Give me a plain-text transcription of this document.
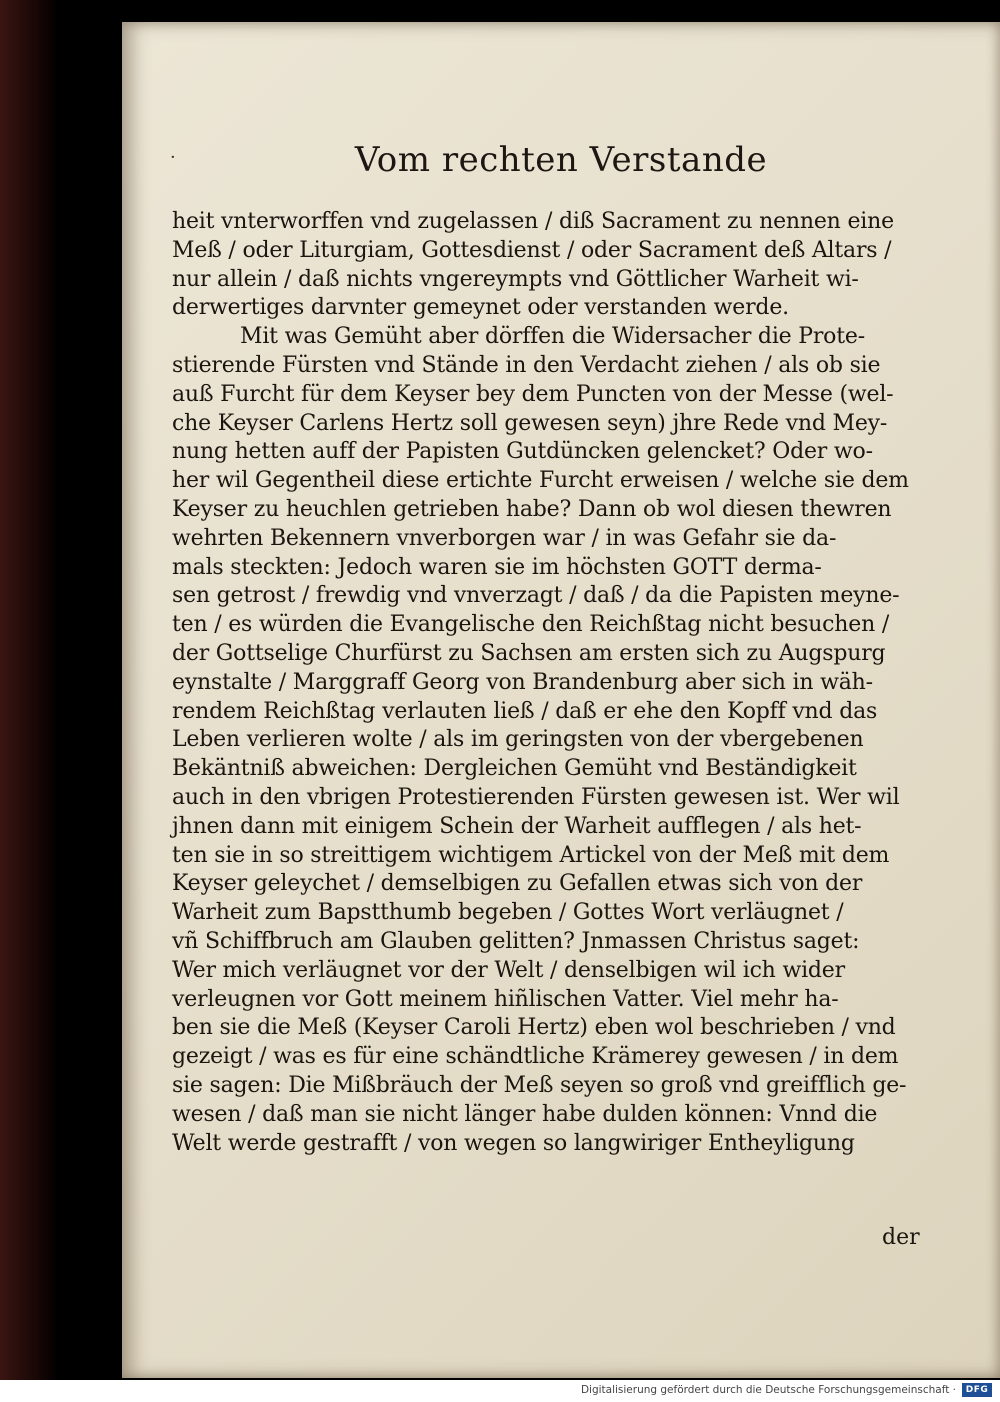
·	Vom rechten Verstande
heit vnterworffen vnd zugelassen / diß Sacrament zu nennen eine
Meß / oder Liturgiam, Gottesdienst / oder Sacrament deß Altars /
nur allein / daß nichts vngereympts vnd Göttlicher Warheit wi-
derwertiges darvnter gemeynet oder verstanden werde.
Mit was Gemüht aber dörffen die Widersacher die Prote-
stierende Fürsten vnd Stände in den Verdacht ziehen / als ob sie
auß Furcht für dem Keyser bey dem Puncten von der Messe (wel-
che Keyser Carlens Hertz soll gewesen seyn) jhre Rede vnd Mey-
nung hetten auff der Papisten Gutdüncken gelencket? Oder wo-
her wil Gegentheil diese ertichte Furcht erweisen / welche sie dem
Keyser zu heuchlen getrieben habe? Dann ob wol diesen thewren
wehrten Bekennern vnverborgen war / in was Gefahr sie da-
mals steckten: Jedoch waren sie im höchsten GOTT derma-
sen getrost / frewdig vnd vnverzagt / daß / da die Papisten meyne-
ten / es würden die Evangelische den Reichßtag nicht besuchen /
der Gottselige Churfürst zu Sachsen am ersten sich zu Augspurg
eynstalte / Marggraff Georg von Brandenburg aber sich in wäh-
rendem Reichßtag verlauten ließ / daß er ehe den Kopff vnd das
Leben verlieren wolte / als im geringsten von der vbergebenen
Bekäntniß abweichen: Dergleichen Gemüht vnd Beständigkeit
auch in den vbrigen Protestierenden Fürsten gewesen ist. Wer wil
jhnen dann mit einigem Schein der Warheit aufflegen / als het-
ten sie in so streittigem wichtigem Artickel von der Meß mit dem
Keyser geleychet / demselbigen zu Gefallen etwas sich von der
Warheit zum Bapstthumb begeben / Gottes Wort verläugnet /
vñ Schiffbruch am Glauben gelitten? Jnmassen Christus saget:
Wer mich verläugnet vor der Welt / denselbigen wil ich wider
verleugnen vor Gott meinem hiñlischen Vatter. Viel mehr ha-
ben sie die Meß (Keyser Caroli Hertz) eben wol beschrieben / vnd
gezeigt / was es für eine schändtliche Krämerey gewesen / in dem
sie sagen: Die Mißbräuch der Meß seyen so groß vnd greifflich ge-
wesen / daß man sie nicht länger habe dulden können: Vnnd die
Welt werde gestrafft / von wegen so langwiriger Entheyligung
der
Digitalisierung gefördert durch die Deutsche Forschungsgemeinschaft ·	DFG
